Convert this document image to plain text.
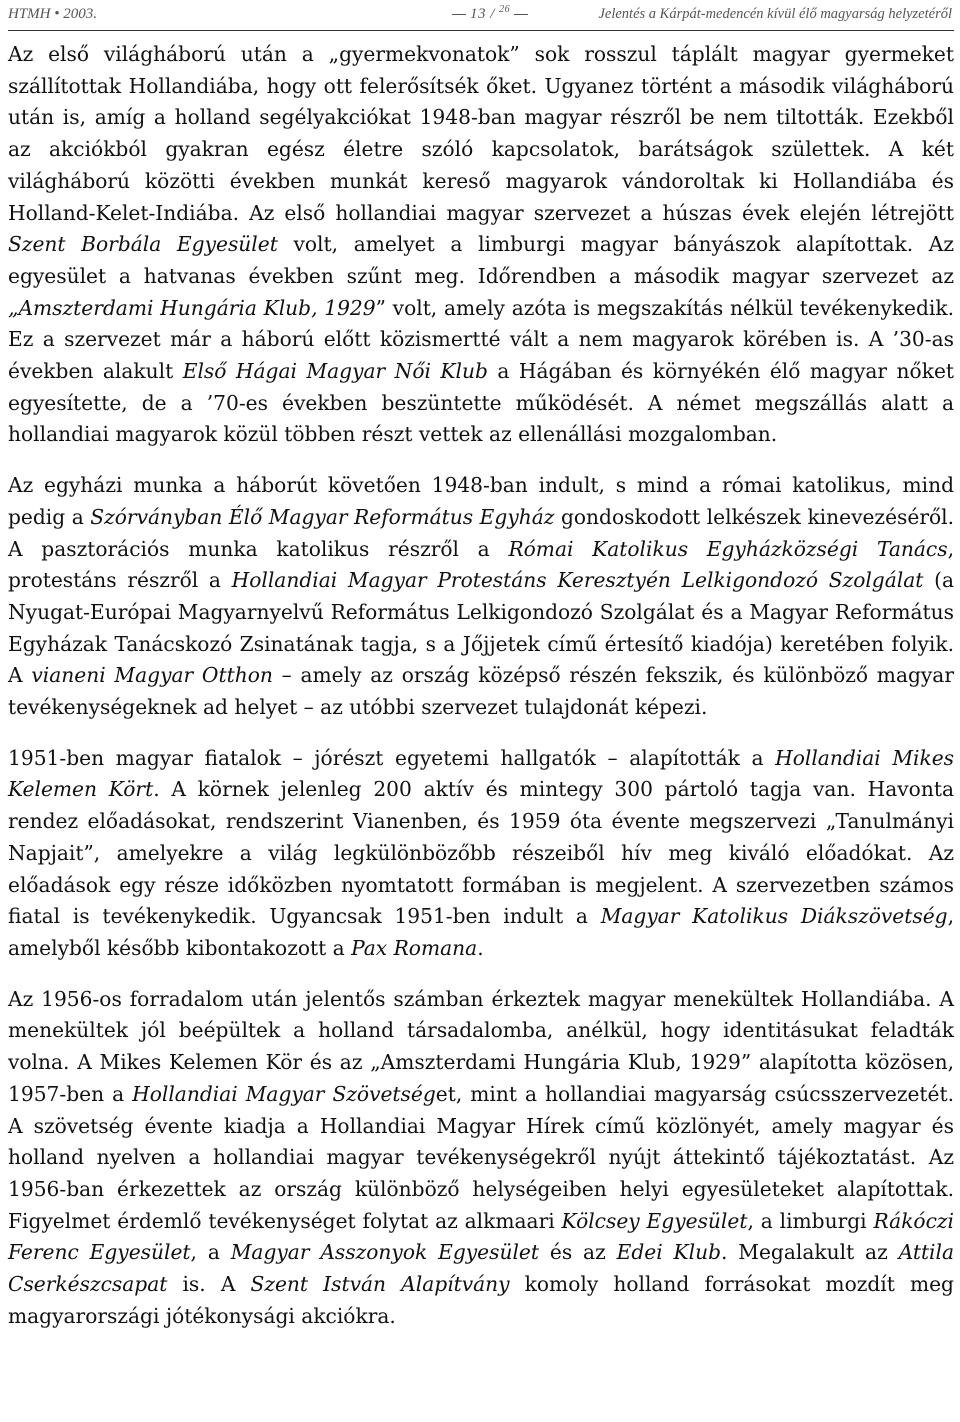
HTMH • 2003.	13 / $^{26}$	Jelentés a Kárpát-medencén kívül élő magyarság helyzetéről

Az első világháború után a „gyermekvonatok” sok rosszul táplált magyar gyermeket szállítottak Hollandiába, hogy ott felerősítsék őket. Ugyanez történt a második világháború után is, amíg a holland segélyakciókat 1948-ban magyar részről be nem tiltották. Ezekből az akciókból gyakran egész életre szóló kapcsolatok, barátságok születtek. A két világháború közötti években munkát kereső magyarok vándoroltak ki Hollandiába és Holland-Kelet-Indiába. Az első hollandiai magyar szervezet a húszas évek elején létrejött Szent Borbála Egyesület volt, amelyet a limburgi magyar bányászok alapítottak. Az egyesület a hatvanas években szűnt meg. Időrendben a második magyar szervezet az „Amszterdami Hungária Klub, 1929” volt, amely azóta is megszakítás nélkül tevékenykedik. Ez a szervezet már a háború előtt közismertté vált a nem magyarok körében is. A ’30-as években alakult Első Hágai Magyar Női Klub a Hágában és környékén élő magyar nőket egyesítette, de a ’70-es években beszüntette működését. A német megszállás alatt a hollandiai magyarok közül többen részt vettek az ellenállási mozgalomban.

Az egyházi munka a háborút követően 1948-ban indult, s mind a római katolikus, mind pedig a Szórványban Élő Magyar Református Egyház gondoskodott lelkészek kinevezéséről. A pasztorációs munka katolikus részről a Római Katolikus Egyházközségi Tanács, protestáns részről a Hollandiai Magyar Protestáns Keresztyén Lelkigondozó Szolgálat (a Nyugat-Európai Magyarnyelvű Református Lelkigondozó Szolgálat és a Magyar Református Egyházak Tanácskozó Zsinatának tagja, s a Jőjjetek című értesítő kiadója) keretében folyik. A vianeni Magyar Otthon – amely az ország középső részén fekszik, és különböző magyar tevékenységeknek ad helyet – az utóbbi szervezet tulajdonát képezi.

1951-ben magyar fiatalok – jórészt egyetemi hallgatók – alapították a Hollandiai Mikes Kelemen Kört. A körnek jelenleg 200 aktív és mintegy 300 pártoló tagja van. Havonta rendez előadásokat, rendszerint Vianenben, és 1959 óta évente megszervezi „Tanulmányi Napjait”, amelyekre a világ legkülönbözőbb részeiből hív meg kiváló előadókat. Az előadások egy része időközben nyomtatott formában is megjelent. A szervezetben számos fiatal is tevékenykedik. Ugyancsak 1951-ben indult a Magyar Katolikus Diákszövetség, amelyből később kibontakozott a Pax Romana.

Az 1956-os forradalom után jelentős számban érkeztek magyar menekültek Hollandiába. A menekültek jól beépültek a holland társadalomba, anélkül, hogy identitásukat feladták volna. A Mikes Kelemen Kör és az „Amszterdami Hungária Klub, 1929” alapította közösen, 1957-ben a Hollandiai Magyar Szövetséget, mint a hollandiai magyarság csúcsszervezetét. A szövetség évente kiadja a Hollandiai Magyar Hírek című közlönyét, amely magyar és holland nyelven a hollandiai magyar tevékenységekről nyújt áttekintő tájékoztatást. Az 1956-ban érkezettek az ország különböző helységeiben helyi egyesületeket alapítottak. Figyelmet érdemlő tevékenységet folytat az alkmaari Kölcsey Egyesület, a limburgi Rákóczi Ferenc Egyesület, a Magyar Asszonyok Egyesület és az Edei Klub. Megalakult az Attila Cserkészcsapat is. A Szent István Alapítvány komoly holland forrásokat mozdít meg magyarországi jótékonysági akciókra.
